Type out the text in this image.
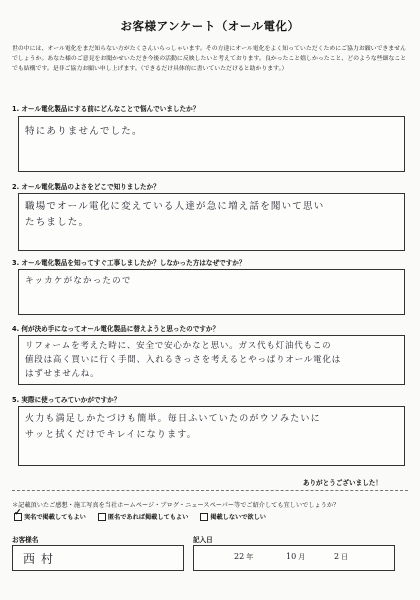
お客様アンケート（オール電化）
世の中には、オール電化をまだ知らない方がたくさんいらっしゃいます。その方達にオール電化をよく知っていただくためにご協力お願いできませんでしょうか。あなた様のご意見をお聞かせいただき今後の活動に反映したいと考えております。良かったこと嬉しかったこと、どのような些細なことでも結構です。是非ご協力お願い申し上げます。（できるだけ具体的に書いていただけると助かります。）
1. オール電化製品にする前にどんなことで悩んでいましたか？
特にありませんでした。
2. オール電化製品のよさをどこで知りましたか？
職場でオール電化に変えている人達が急に増え話を聞いて思い
たちました。
3. オール電化製品を知ってすぐ工事しましたか？しなかった方はなぜですか？
キッカケがなかったので
4. 何が決め手になってオール電化製品に替えようと思ったのですか？
リフォームを考えた時に、安全で安心かなと思い。ガス代も灯油代もこの
値段は高く買いに行く手間、入れるきっさを考えるとやっぱりオール電化は
はずせませんね。
5. 実際に使ってみていかがですか？
火力も満足しかたづけも簡単。毎日ふいていたのがウソみたいに
サッと拭くだけでキレイになります。
ありがとうございました！
＊記載頂いたご感想・施工写真を当社ホームページ・ブログ・ニュースペーパー等でご紹介しても宜しいでしょうか？
✓ 実名で掲載してもよい	匿名であれば掲載してもよい	掲載しないで欲しい
お客様名
西村
記入日
22 年	10 月	2 日
